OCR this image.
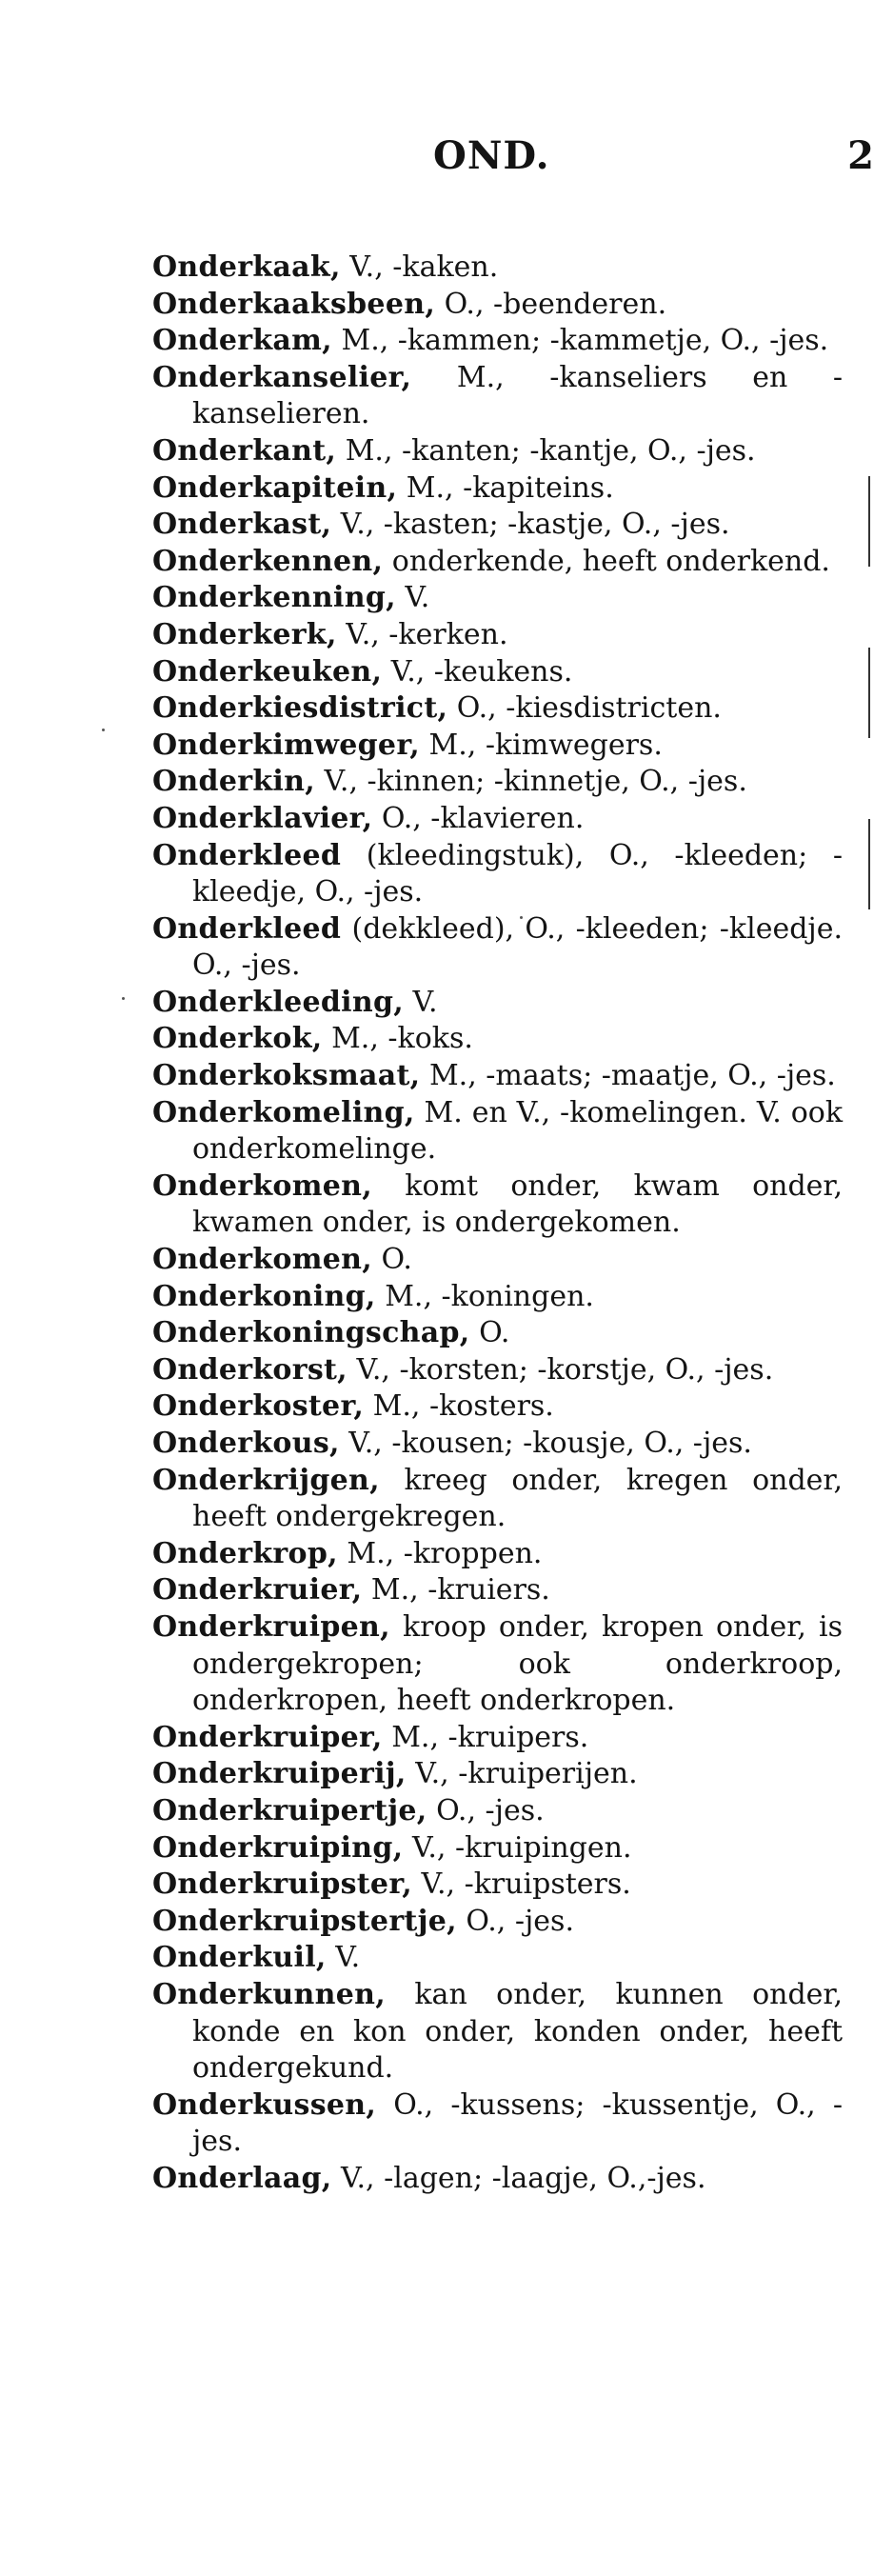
OND.	2

Onderkaak, V., -kaken.

Onderkaaksbeen, O., -beenderen.

Onderkam, M., -kammen; -kammetje, O., -jes.

Onderkanselier, M., -kanseliers en -kanselieren.

Onderkant, M., -kanten; -kantje, O., -jes.

Onderkapitein, M., -kapiteins.

Onderkast, V., -kasten; -kastje, O., -jes.

Onderkennen, onderkende, heeft onderkend.

Onderkenning, V.

Onderkerk, V., -kerken.

Onderkeuken, V., -keukens.

Onderkiesdistrict, O., -kiesdistricten.

Onderkimweger, M., -kimwegers.

Onderkin, V., -kinnen; -kinnetje, O., -jes.

Onderklavier, O., -klavieren.

Onderkleed (kleedingstuk), O., -kleeden; -kleedje, O., -jes.

Onderkleed (dekkleed), O., -kleeden; -kleedje. O., -jes.

Onderkleeding, V.

Onderkok, M., -koks.

Onderkoksmaat, M., -maats; -maatje, O., -jes.

Onderkomeling, M. en V., -komelingen. V. ook onderkomelinge.

Onderkomen, komt onder, kwam onder, kwamen onder, is ondergekomen.

Onderkomen, O.

Onderkoning, M., -koningen.

Onderkoningschap, O.

Onderkorst, V., -korsten; -korstje, O., -jes.

Onderkoster, M., -kosters.

Onderkous, V., -kousen; -kousje, O., -jes.

Onderkrijgen, kreeg onder, kregen onder, heeft ondergekregen.

Onderkrop, M., -kroppen.

Onderkruier, M., -kruiers.

Onderkruipen, kroop onder, kropen onder, is ondergekropen; ook onderkroop, onderkropen, heeft onderkropen.

Onderkruiper, M., -kruipers.

Onderkruiperij, V., -kruiperijen.

Onderkruipertje, O., -jes.

Onderkruiping, V., -kruipingen.

Onderkruipster, V., -kruipsters.

Onderkruipstertje, O., -jes.

Onderkuil, V.

Onderkunnen, kan onder, kunnen onder, konde en kon onder, konden onder, heeft ondergekund.

Onderkussen, O., -kussens; -kussentje, O., -jes.

Onderlaag, V., -lagen; -laagje, O.,-jes.
